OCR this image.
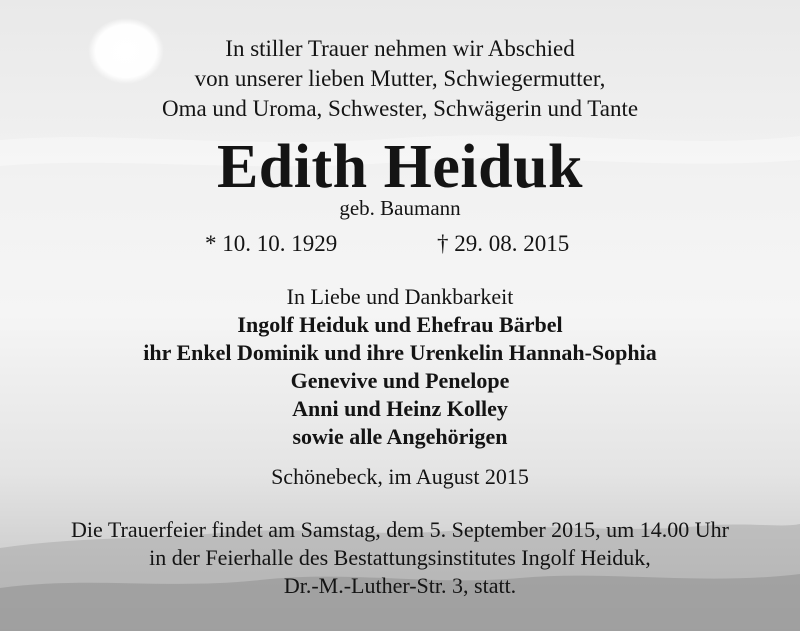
In stiller Trauer nehmen wir Abschied
von unserer lieben Mutter, Schwiegermutter,
Oma und Uroma, Schwester, Schwägerin und Tante
Edith Heiduk
geb. Baumann
* 10. 10. 1929	† 29. 08. 2015
In Liebe und Dankbarkeit
Ingolf Heiduk und Ehefrau Bärbel
ihr Enkel Dominik und ihre Urenkelin Hannah-Sophia
Genevive und Penelope
Anni und Heinz Kolley
sowie alle Angehörigen
Schönebeck, im August 2015
Die Trauerfeier findet am Samstag, dem 5. September 2015, um 14.00 Uhr
in der Feierhalle des Bestattungsinstitutes Ingolf Heiduk,
Dr.-M.-Luther-Str. 3, statt.
